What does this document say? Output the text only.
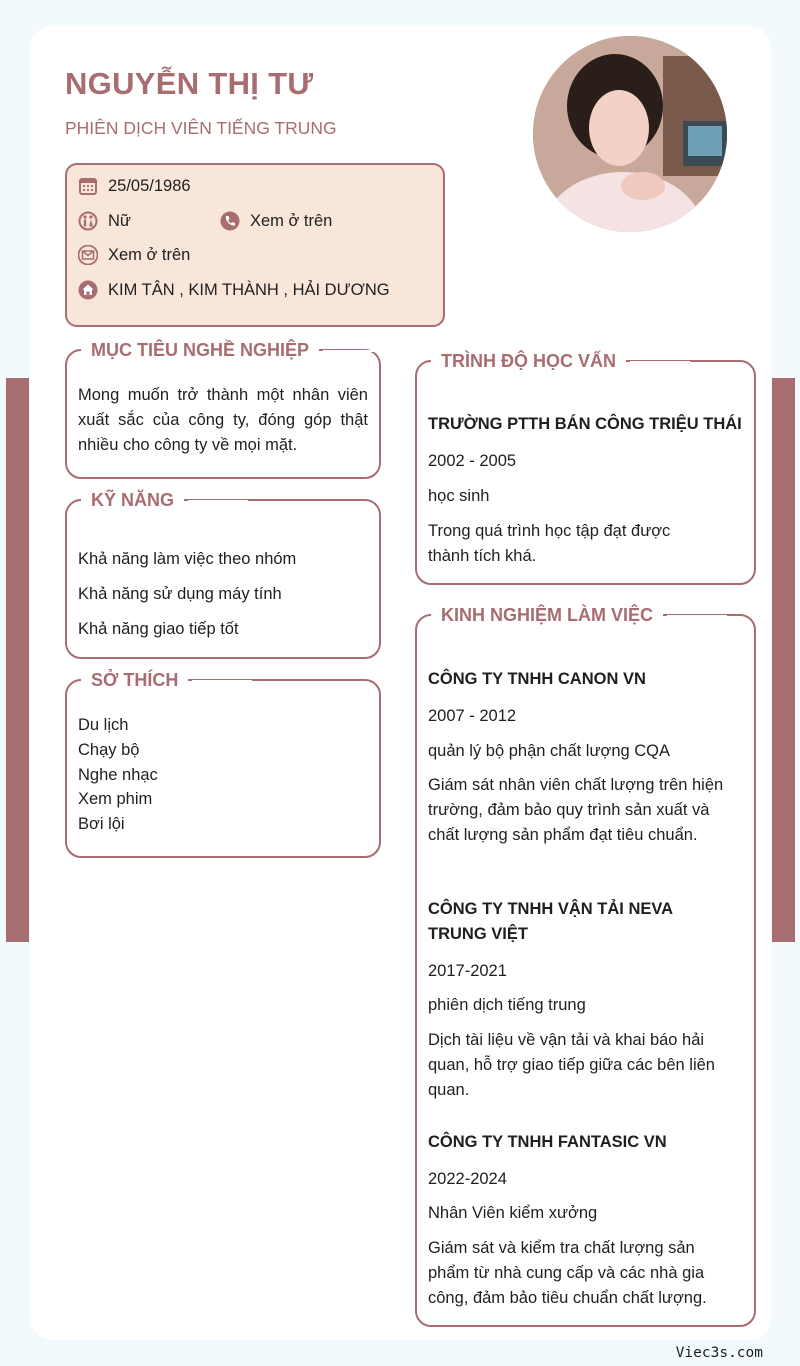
NGUYỄN THỊ TƯ
PHIÊN DỊCH VIÊN TIẾNG TRUNG
25/05/1986
Nữ	Xem ở trên
Xem ở trên
KIM TÂN , KIM THÀNH , HẢI DƯƠNG
MỤC TIÊU NGHỀ NGHIỆP
Mong muốn trở thành một nhân viên xuất sắc của công ty, đóng góp thật nhiều cho công ty về mọi mặt.
KỸ NĂNG
Khả năng làm việc theo nhóm
Khả năng sử dụng máy tính
Khả năng giao tiếp tốt
SỞ THÍCH
Du lịch
Chạy bộ
Nghe nhạc
Xem phim
Bơi lội
TRÌNH ĐỘ HỌC VẤN
TRƯỜNG PTTH BÁN CÔNG TRIỆU THÁI
2002 - 2005
học sinh
Trong quá trình học tập đạt được thành tích khá.
KINH NGHIỆM LÀM VIỆC
CÔNG TY TNHH CANON VN
2007 - 2012
quản lý bộ phận chất lượng CQA
Giám sát nhân viên chất lượng trên hiện trường, đảm bảo quy trình sản xuất và chất lượng sản phẩm đạt tiêu chuẩn.
CÔNG TY TNHH VẬN TẢI NEVA TRUNG VIỆT
2017-2021
phiên dịch tiếng trung
Dịch tài liệu về vận tải và khai báo hải quan, hỗ trợ giao tiếp giữa các bên liên quan.
CÔNG TY TNHH FANTASIC VN
2022-2024
Nhân Viên kiểm xưởng
Giám sát và kiểm tra chất lượng sản phẩm từ nhà cung cấp và các nhà gia công, đảm bảo tiêu chuẩn chất lượng.
Viec3s.com
